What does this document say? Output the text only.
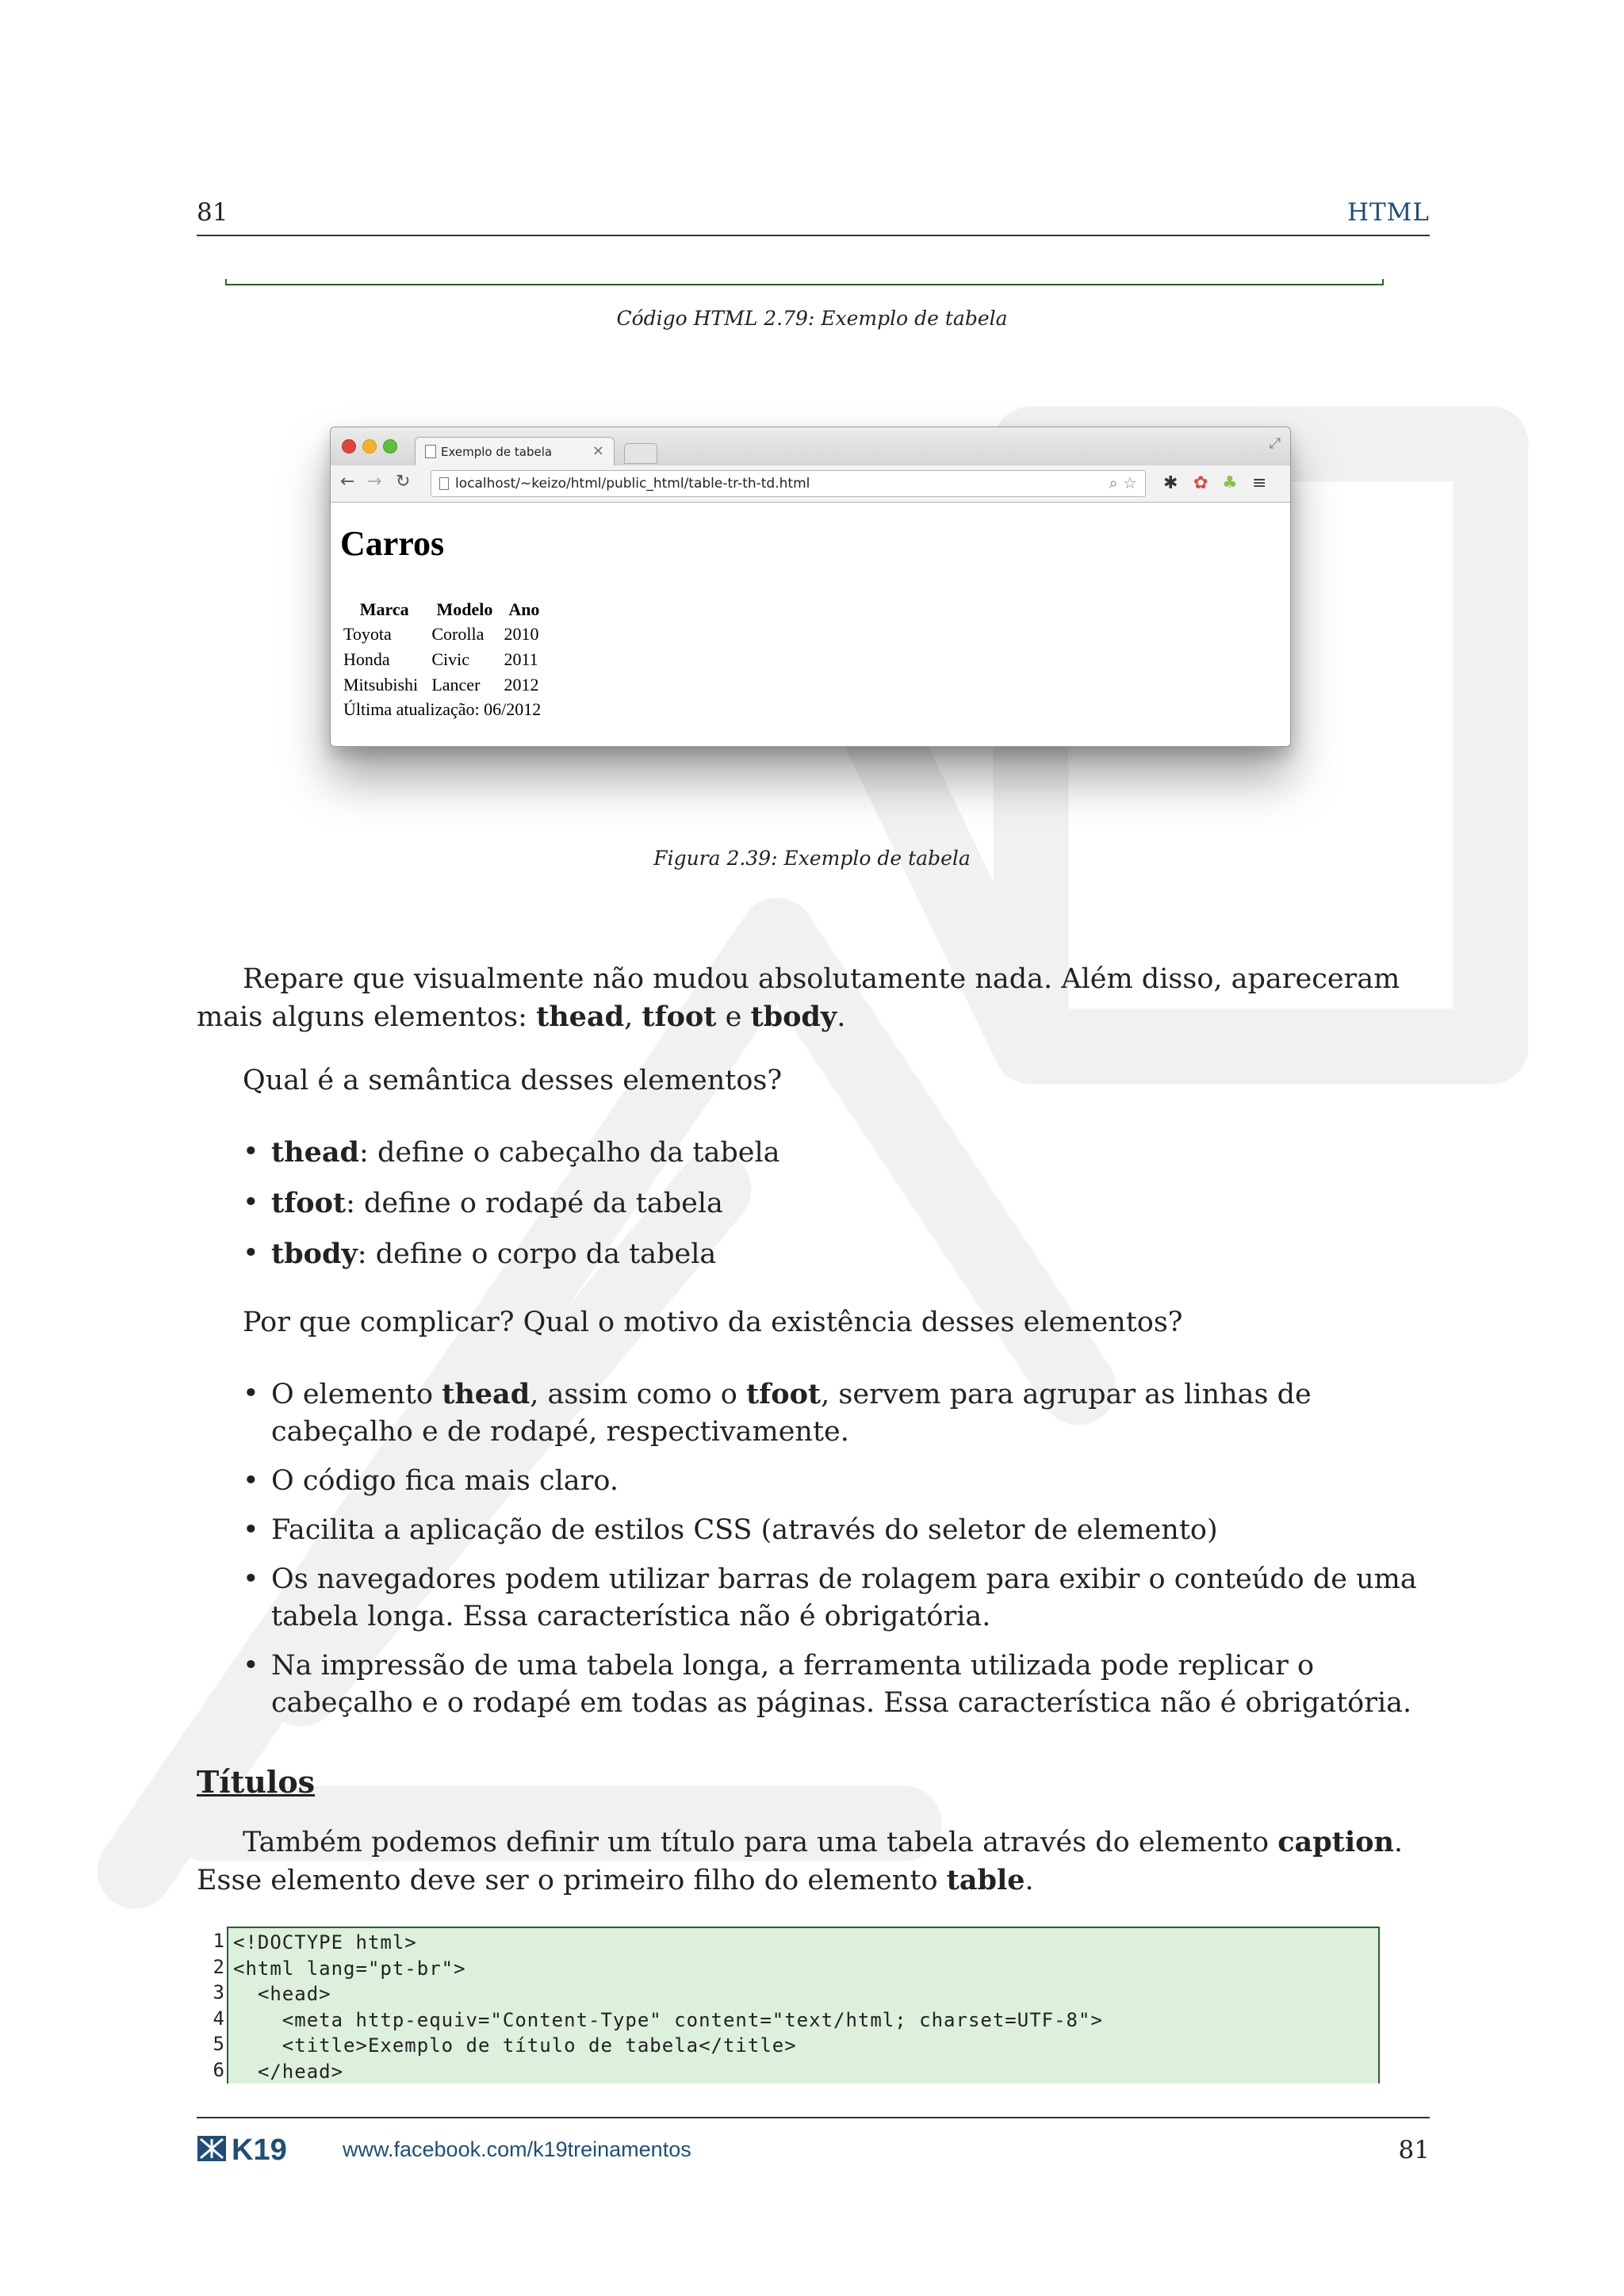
81	HTML
Código HTML 2.79: Exemplo de tabela
Exemplo de tabela	×	⤢
← → ↻	localhost/~keizo/html/public_html/table-tr-th-td.html	⌕ ☆ ✱ ✿ ♣ ≡
Carros
Marca	Modelo	Ano
Toyota	Corolla	2010
Honda	Civic	2011
Mitsubishi	Lancer	2012
Última atualização: 06/2012		
Figura 2.39: Exemplo de tabela

Repare que visualmente não mudou absolutamente nada. Além disso, apareceram mais alguns elementos: thead, tfoot e tbody.

Qual é a semântica desses elementos?

• thead: define o cabeçalho da tabela
• tfoot: define o rodapé da tabela
• tbody: define o corpo da tabela

Por que complicar? Qual o motivo da existência desses elementos?

• O elemento thead, assim como o tfoot, servem para agrupar as linhas de cabeçalho e de rodapé, respectivamente.
• O código fica mais claro.
• Facilita a aplicação de estilos CSS (através do seletor de elemento)
• Os navegadores podem utilizar barras de rolagem para exibir o conteúdo de uma tabela longa. Essa característica não é obrigatória.
• Na impressão de uma tabela longa, a ferramenta utilizada pode replicar o cabeçalho e o rodapé em todas as páginas. Essa característica não é obrigatória.
Títulos

Também podemos definir um título para uma tabela através do elemento caption. Esse elemento deve ser o primeiro filho do elemento table.

1
2
3
4
5
6
<!DOCTYPE html>
<html lang="pt-br">
<head>
<meta http-equiv="Content-Type" content="text/html; charset=UTF-8">
<title>Exemplo de título de tabela</title>
</head>
K19	www.facebook.com/k19treinamentos	81
